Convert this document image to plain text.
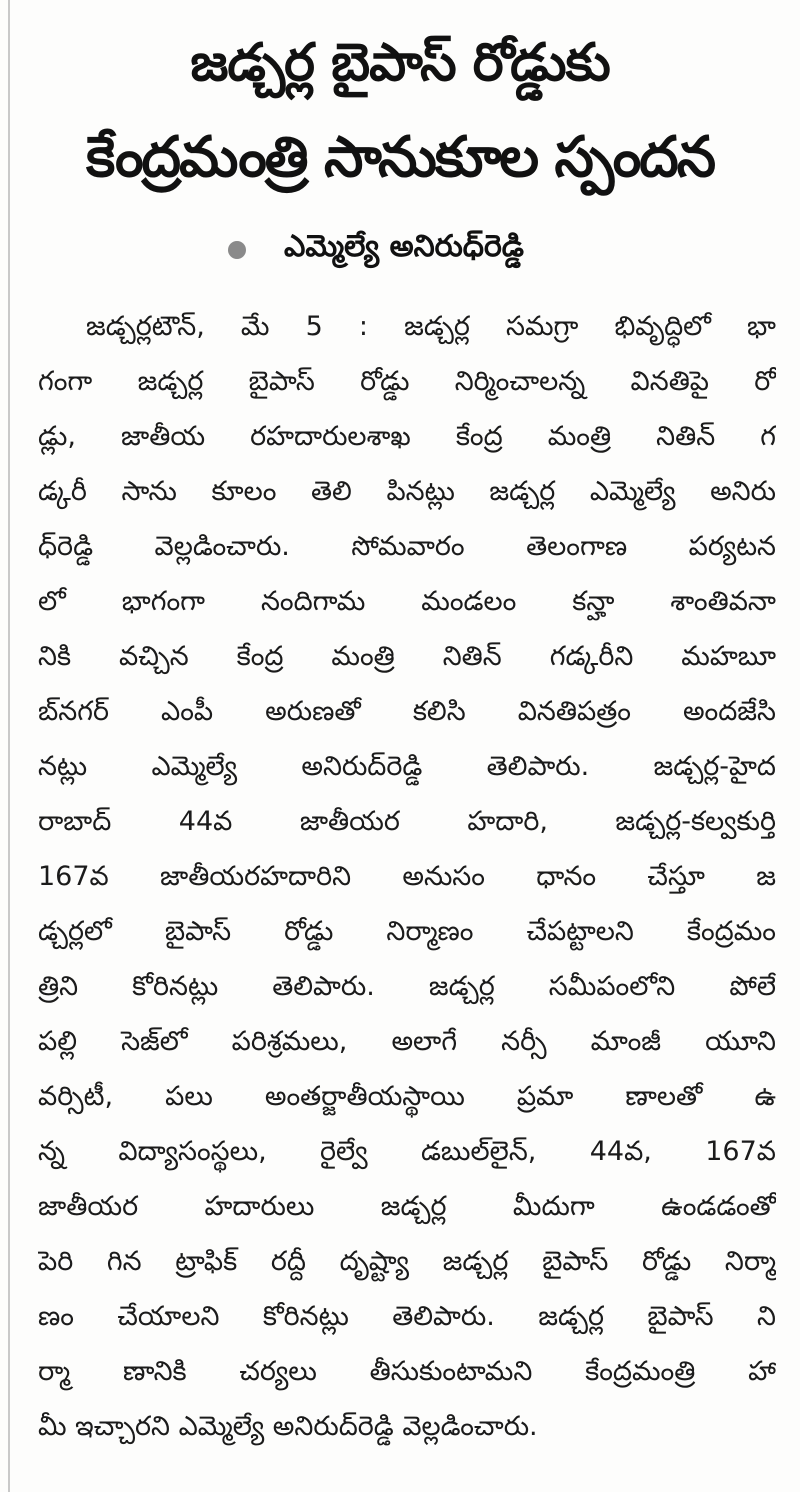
జడ్చర్ల బైపాస్ రోడ్డుకు
కేంద్రమంత్రి సానుకూల స్పందన
ఎమ్మెల్యే అనిరుధ్‌రెడ్డి
జడ్చర్లటౌన్, మే 5 : జడ్చర్ల సమగ్రా భివృద్ధిలో భా
గంగా జడ్చర్ల బైపాస్ రోడ్డు నిర్మించాలన్న వినతిపై రో
డ్లు, జాతీయ రహదారులశాఖ కేంద్ర మంత్రి నితిన్ గ
డ్కరీ సాను కూలం తెలి పినట్లు జడ్చర్ల ఎమ్మెల్యే అనిరు
ధ్‌రెడ్డి వెల్లడించారు. సోమవారం తెలంగాణ పర్యటన
లో భాగంగా నందిగామ మండలం కన్హా శాంతివనా
నికి వచ్చిన కేంద్ర మంత్రి నితిన్ గడ్కరీని మహబూ
బ్‌నగర్ ఎంపీ అరుణతో కలిసి వినతిపత్రం అందజేసి
నట్లు ఎమ్మెల్యే అనిరుద్‌రెడ్డి తెలిపారు. జడ్చర్ల-హైద
రాబాద్ 44వ జాతీయర హదారి, జడ్చర్ల-కల్వకుర్తి
167వ జాతీయరహదారిని అనుసం ధానం చేస్తూ జ
డ్చర్లలో బైపాస్ రోడ్డు నిర్మాణం చేపట్టాలని కేంద్రమం
త్రిని కోరినట్లు తెలిపారు. జడ్చర్ల సమీపంలోని పోలే
పల్లి సెజ్‌లో పరిశ్రమలు, అలాగే నర్సీ మాంజీ యూని
వర్సిటీ, పలు అంతర్జాతీయస్థాయి ప్రమా ణాలతో ఉ
న్న విద్యాసంస్థలు, రైల్వే డబుల్‌లైన్, 44వ, 167వ
జాతీయర హదారులు జడ్చర్ల మీదుగా ఉండడంతో
పెరి గిన ట్రాఫిక్ రద్దీ దృష్ట్యా జడ్చర్ల బైపాస్ రోడ్డు నిర్మా
ణం చేయాలని కోరినట్లు తెలిపారు. జడ్చర్ల బైపాస్ ని
ర్మా ణానికి చర్యలు తీసుకుంటామని కేంద్రమంత్రి హా
మీ ఇచ్చారని ఎమ్మెల్యే అనిరుద్‌రెడ్డి వెల్లడించారు.
